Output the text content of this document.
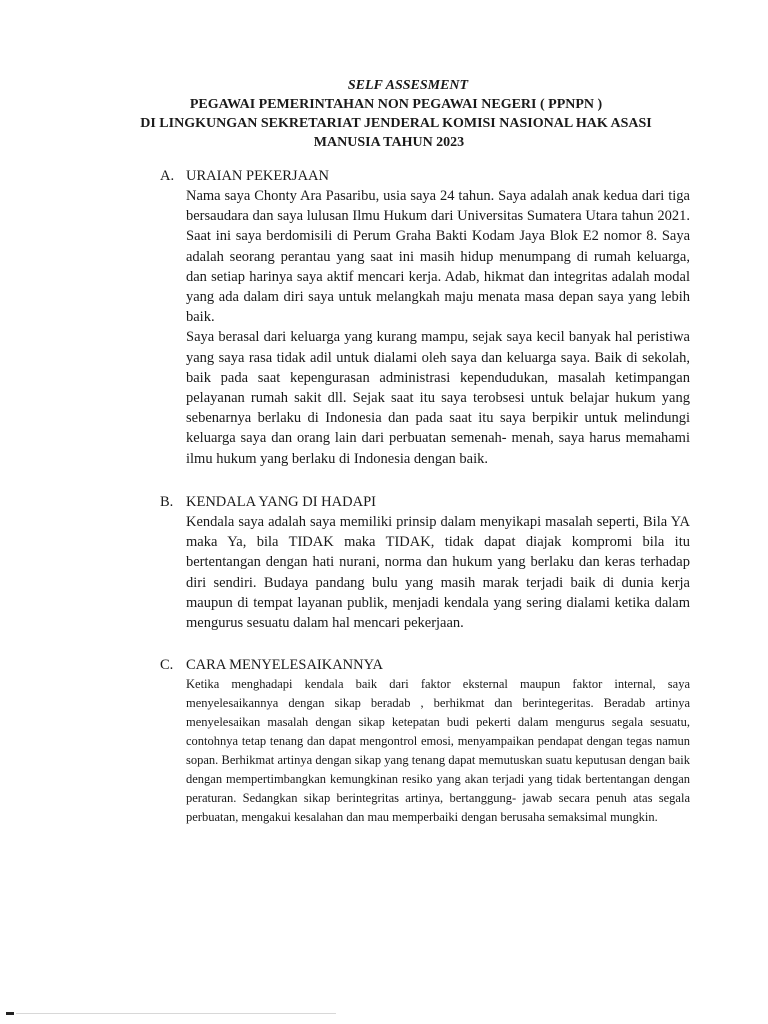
SELF ASSESMENT
PEGAWAI PEMERINTAHAN NON PEGAWAI NEGERI ( PPNPN )
DI LINGKUNGAN SEKRETARIAT JENDERAL KOMISI NASIONAL HAK ASASI
MANUSIA TAHUN 2023
A. URAIAN PEKERJAAN

Nama saya Chonty Ara Pasaribu, usia saya 24 tahun. Saya adalah anak kedua dari tiga bersaudara dan saya lulusan Ilmu Hukum dari Universitas Sumatera Utara tahun 2021. Saat ini saya berdomisili di Perum Graha Bakti Kodam Jaya Blok E2 nomor 8. Saya adalah seorang perantau yang saat ini masih hidup menumpang di rumah keluarga, dan setiap harinya saya aktif mencari kerja. Adab, hikmat dan integritas adalah modal yang ada dalam diri saya untuk melangkah maju menata masa depan saya yang lebih baik.

Saya berasal dari keluarga yang kurang mampu, sejak saya kecil banyak hal peristiwa yang saya rasa tidak adil untuk dialami oleh saya dan keluarga saya. Baik di sekolah, baik pada saat kepengurasan administrasi kependudukan, masalah ketimpangan pelayanan rumah sakit dll. Sejak saat itu saya terobsesi untuk belajar hukum yang sebenarnya berlaku di Indonesia dan pada saat itu saya berpikir untuk melindungi keluarga saya dan orang lain dari perbuatan semenah- menah, saya harus memahami ilmu hukum yang berlaku di Indonesia dengan baik.

B. KENDALA YANG DI HADAPI

Kendala saya adalah saya memiliki prinsip dalam menyikapi masalah seperti, Bila YA maka Ya, bila TIDAK maka TIDAK, tidak dapat diajak kompromi bila itu bertentangan dengan hati nurani, norma dan hukum yang berlaku dan keras terhadap diri sendiri. Budaya pandang bulu yang masih marak terjadi baik di dunia kerja maupun di tempat layanan publik, menjadi kendala yang sering dialami ketika dalam mengurus sesuatu dalam hal mencari pekerjaan.

C. CARA MENYELESAIKANNYA

Ketika menghadapi kendala baik dari faktor eksternal maupun faktor internal, saya menyelesaikannya dengan sikap beradab , berhikmat dan berintegeritas. Beradab artinya menyelesaikan masalah dengan sikap ketepatan budi pekerti dalam mengurus segala sesuatu, contohnya tetap tenang dan dapat mengontrol emosi, menyampaikan pendapat dengan tegas namun sopan. Berhikmat artinya dengan sikap yang tenang dapat memutuskan suatu keputusan dengan baik dengan mempertimbangkan kemungkinan resiko yang akan terjadi yang tidak bertentangan dengan peraturan. Sedangkan sikap berintegritas artinya, bertanggung- jawab secara penuh atas segala perbuatan, mengakui kesalahan dan mau memperbaiki dengan berusaha semaksimal mungkin.
